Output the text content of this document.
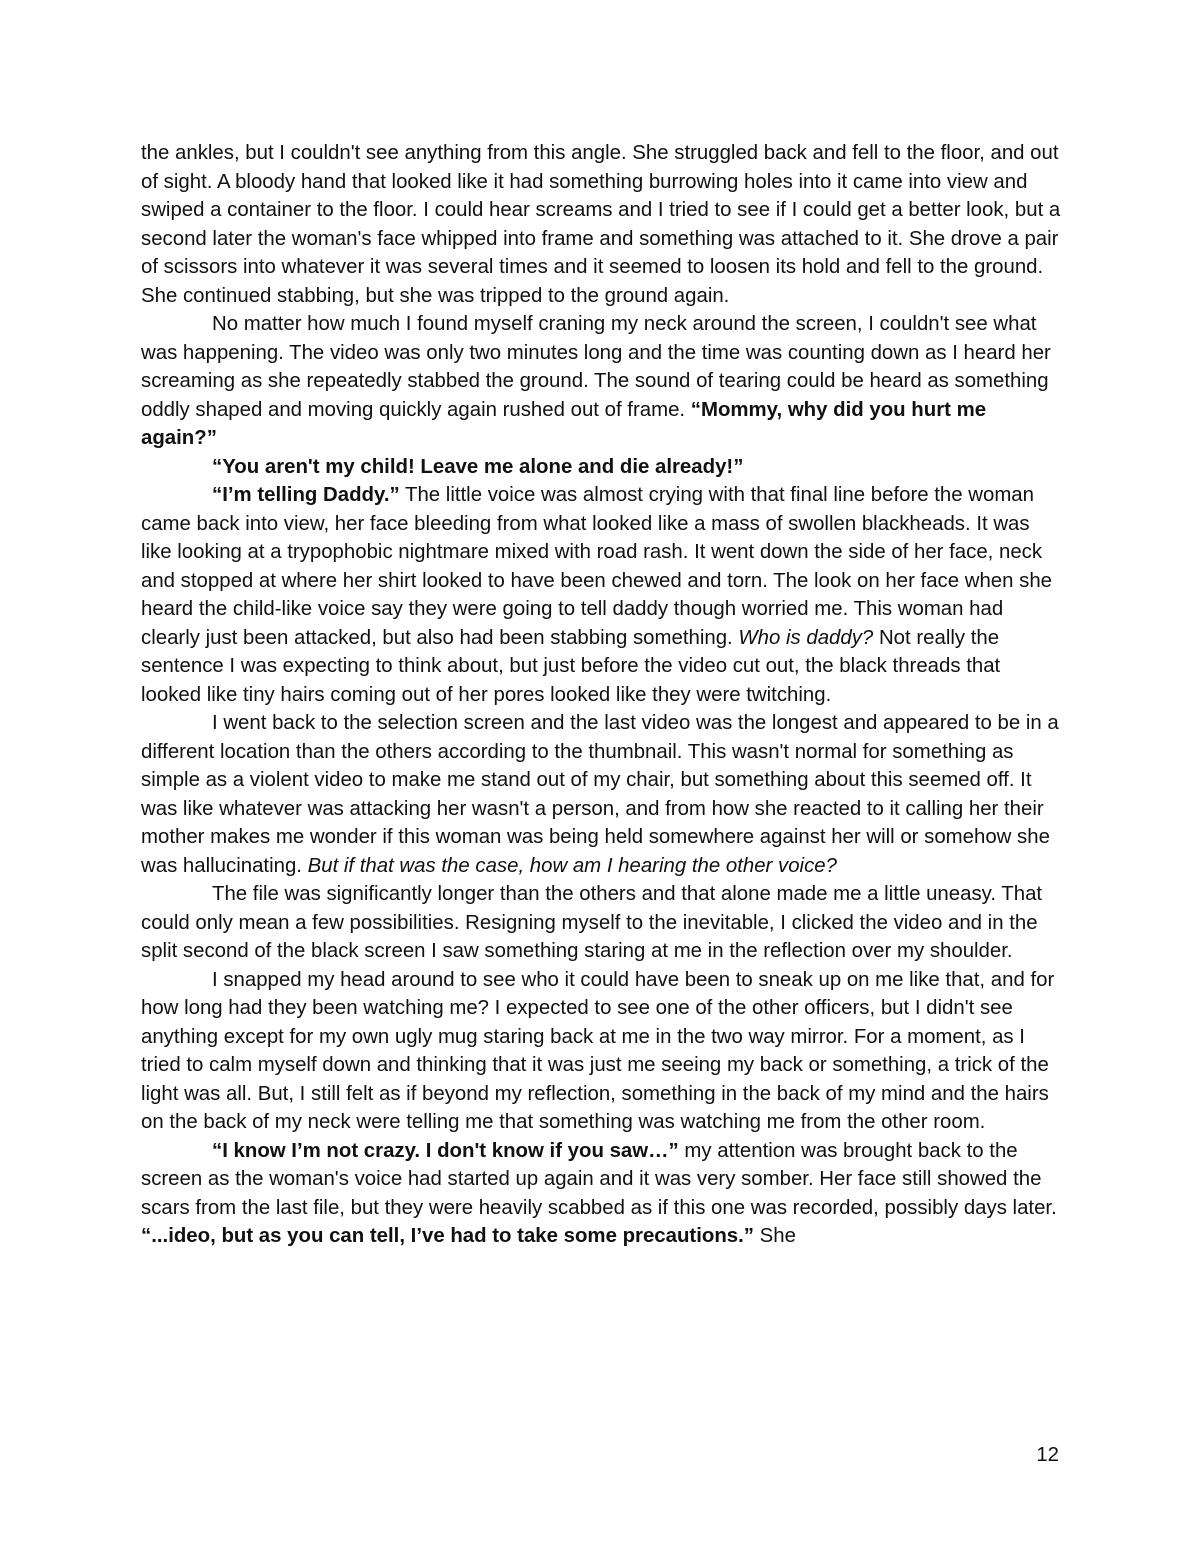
the ankles, but I couldn't see anything from this angle. She struggled back and fell to the floor, and out of sight. A bloody hand that looked like it had something burrowing holes into it came into view and swiped a container to the floor. I could hear screams and I tried to see if I could get a better look, but a second later the woman's face whipped into frame and something was attached to it. She drove a pair of scissors into whatever it was several times and it seemed to loosen its hold and fell to the ground. She continued stabbing, but she was tripped to the ground again.

No matter how much I found myself craning my neck around the screen, I couldn't see what was happening. The video was only two minutes long and the time was counting down as I heard her screaming as she repeatedly stabbed the ground. The sound of tearing could be heard as something oddly shaped and moving quickly again rushed out of frame. “Mommy, why did you hurt me again?”

“You aren't my child! Leave me alone and die already!”

“I’m telling Daddy.” The little voice was almost crying with that final line before the woman came back into view, her face bleeding from what looked like a mass of swollen blackheads. It was like looking at a trypophobic nightmare mixed with road rash. It went down the side of her face, neck and stopped at where her shirt looked to have been chewed and torn. The look on her face when she heard the child-like voice say they were going to tell daddy though worried me. This woman had clearly just been attacked, but also had been stabbing something. Who is daddy? Not really the sentence I was expecting to think about, but just before the video cut out, the black threads that looked like tiny hairs coming out of her pores looked like they were twitching.

I went back to the selection screen and the last video was the longest and appeared to be in a different location than the others according to the thumbnail. This wasn't normal for something as simple as a violent video to make me stand out of my chair, but something about this seemed off. It was like whatever was attacking her wasn't a person, and from how she reacted to it calling her their mother makes me wonder if this woman was being held somewhere against her will or somehow she was hallucinating. But if that was the case, how am I hearing the other voice?

The file was significantly longer than the others and that alone made me a little uneasy. That could only mean a few possibilities. Resigning myself to the inevitable, I clicked the video and in the split second of the black screen I saw something staring at me in the reflection over my shoulder.

I snapped my head around to see who it could have been to sneak up on me like that, and for how long had they been watching me? I expected to see one of the other officers, but I didn't see anything except for my own ugly mug staring back at me in the two way mirror. For a moment, as I tried to calm myself down and thinking that it was just me seeing my back or something, a trick of the light was all. But, I still felt as if beyond my reflection, something in the back of my mind and the hairs on the back of my neck were telling me that something was watching me from the other room.

“I know I’m not crazy. I don't know if you saw…” my attention was brought back to the screen as the woman's voice had started up again and it was very somber. Her face still showed the scars from the last file, but they were heavily scabbed as if this one was recorded, possibly days later. “...ideo, but as you can tell, I’ve had to take some precautions.” She

12
